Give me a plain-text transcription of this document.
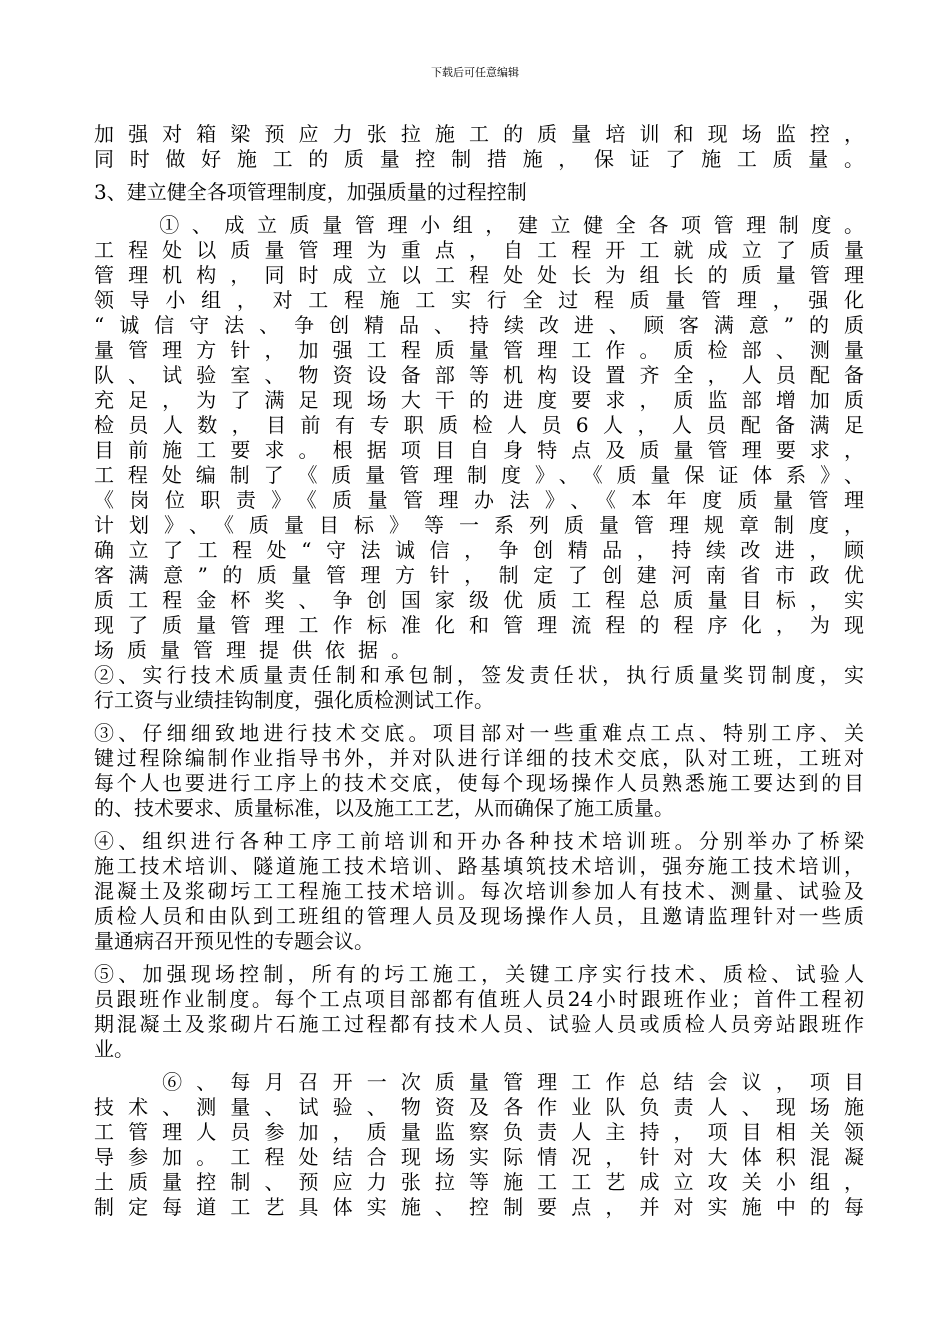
下载后可任意编辑
加强对箱梁预应力张拉施工的质量培训和现场监控，
同时做好施工的质量控制措施，保证了施工质量。
3、建立健全各项管理制度，加强质量的过程控制
　　①、成立质量管理小组，建立健全各项管理制度。
工程处以质量管理为重点，自工程开工就成立了质量
管理机构，同时成立以工程处处长为组长的质量管理
领导小组，对工程施工实行全过程质量管理，强化
“诚信守法、争创精品、持续改进、顾客满意”的质
量管理方针，加强工程质量管理工作。质检部、测量
队、试验室、物资设备部等机构设置齐全，人员配备
充足，为了满足现场大干的进度要求，质监部增加质
检员人数，目前有专职质检人员6人，人员配备满足
目前施工要求。根据项目自身特点及质量管理要求，
工程处编制了《质量管理制度》、《质量保证体系》、
《岗位职责》《质量管理办法》、《本年度质量管理
计划》、《质量目标》等一系列质量管理规章制度，
确立了工程处“守法诚信，争创精品，持续改进，顾
客满意”的质量管理方针，制定了创建河南省市政优
质工程金杯奖、争创国家级优质工程总质量目标，实
现了质量管理工作标准化和管理流程的程序化，为现
场质量管理提供依据。
②、实行技术质量责任制和承包制，签发责任状，执行质量奖罚制度，实
行工资与业绩挂钩制度，强化质检测试工作。
③、仔细细致地进行技术交底。项目部对一些重难点工点、特别工序、关
键过程除编制作业指导书外，并对队进行详细的技术交底，队对工班，工班对
每个人也要进行工序上的技术交底，使每个现场操作人员熟悉施工要达到的目
的、技术要求、质量标准，以及施工工艺，从而确保了施工质量。
④、组织进行各种工序工前培训和开办各种技术培训班。分别举办了桥梁
施工技术培训、隧道施工技术培训、路基填筑技术培训，强夯施工技术培训，
混凝土及浆砌圬工工程施工技术培训。每次培训参加人有技术、测量、试验及
质检人员和由队到工班组的管理人员及现场操作人员，且邀请监理针对一些质
量通病召开预见性的专题会议。
⑤、加强现场控制，所有的圬工施工，关键工序实行技术、质检、试验人
员跟班作业制度。每个工点项目部都有值班人员24小时跟班作业；首件工程初
期混凝土及浆砌片石施工过程都有技术人员、试验人员或质检人员旁站跟班作
业。
　　⑥、每月召开一次质量管理工作总结会议，项目
技术、测量、试验、物资及各作业队负责人、现场施
工管理人员参加，质量监察负责人主持，项目相关领
导参加。工程处结合现场实际情况，针对大体积混凝
土质量控制、预应力张拉等施工工艺成立攻关小组，
制定每道工艺具体实施、控制要点，并对实施中的每
